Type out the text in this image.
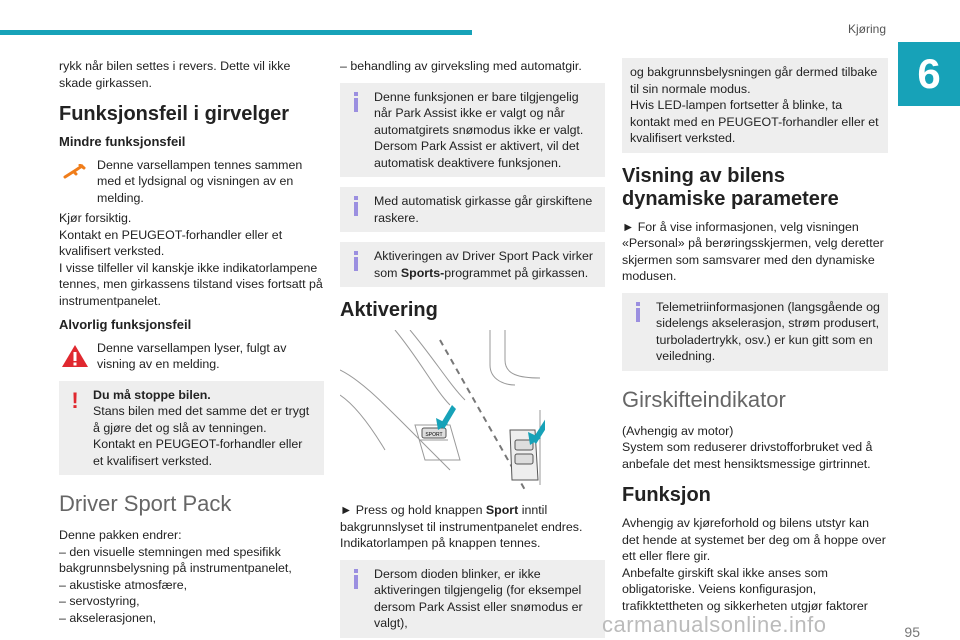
Kjøring
6

rykk når bilen settes i revers. Dette vil ikke skade girkassen.

Funksjonsfeil i girvelger
Mindre funksjonsfeil
Denne varsellampen tennes sammen med et lydsignal og visningen av en melding.
Kjør forsiktig.
Kontakt en PEUGEOT-forhandler eller et kvalifisert verksted.
I visse tilfeller vil kanskje ikke indikatorlampene tennes, men girkassens tilstand vises fortsatt på instrumentpanelet.
Alvorlig funksjonsfeil
Denne varsellampen lyser, fulgt av visning av en melding.
! Du må stoppe bilen.
Stans bilen med det samme det er trygt å gjøre det og slå av tenningen.
Kontakt en PEUGEOT-forhandler eller et kvalifisert verksted.
Driver Sport Pack
Denne pakken endrer:
– den visuelle stemningen med spesifikk bakgrunnsbelysning på instrumentpanelet,
– akustiske atmosfære,
– servostyring,
– akselerasjonen,

– behandling av girveksling med automatgir.

Denne funksjonen er bare tilgjengelig når Park Assist ikke er valgt og når automatgirets snømodus ikke er valgt. Dersom Park Assist er aktivert, vil det automatisk deaktivere funksjonen.
Med automatisk girkasse går girskiftene raskere.
Aktiveringen av Driver Sport Pack virker som Sports-programmet på girkassen.
Aktivering
SPORT

► Press og hold knappen Sport inntil bakgrunnslyset til instrumentpanelet endres.
Indikatorlampen på knappen tennes.

Dersom dioden blinker, er ikke aktiveringen tilgjengelig (for eksempel dersom Park Assist eller snømodus er valgt),
og bakgrunnsbelysningen går dermed tilbake til sin normale modus.
Hvis LED-lampen fortsetter å blinke, ta kontakt med en PEUGEOT-forhandler eller et kvalifisert verksted.
Visning av bilens dynamiske parametere

► For å vise informasjonen, velg visningen «Personal» på berøringsskjermen, velg deretter skjermen som samsvarer med den dynamiske modusen.

Telemetriinformasjonen (langsgående og sidelengs akselerasjon, strøm produsert, turboladertrykk, osv.) er kun gitt som en veiledning.
Girskifteindikator
(Avhengig av motor)
System som reduserer drivstofforbruket ved å anbefale det mest hensiktsmessige girtrinnet.
Funksjon
Avhengig av kjøreforhold og bilens utstyr kan det hende at systemet ber deg om å hoppe over ett eller flere gir.
Anbefalte girskift skal ikke anses som obligatoriske. Veiens konfigurasjon, trafikktettheten og sikkerheten utgjør faktorer
carmanualsonline.info	95
